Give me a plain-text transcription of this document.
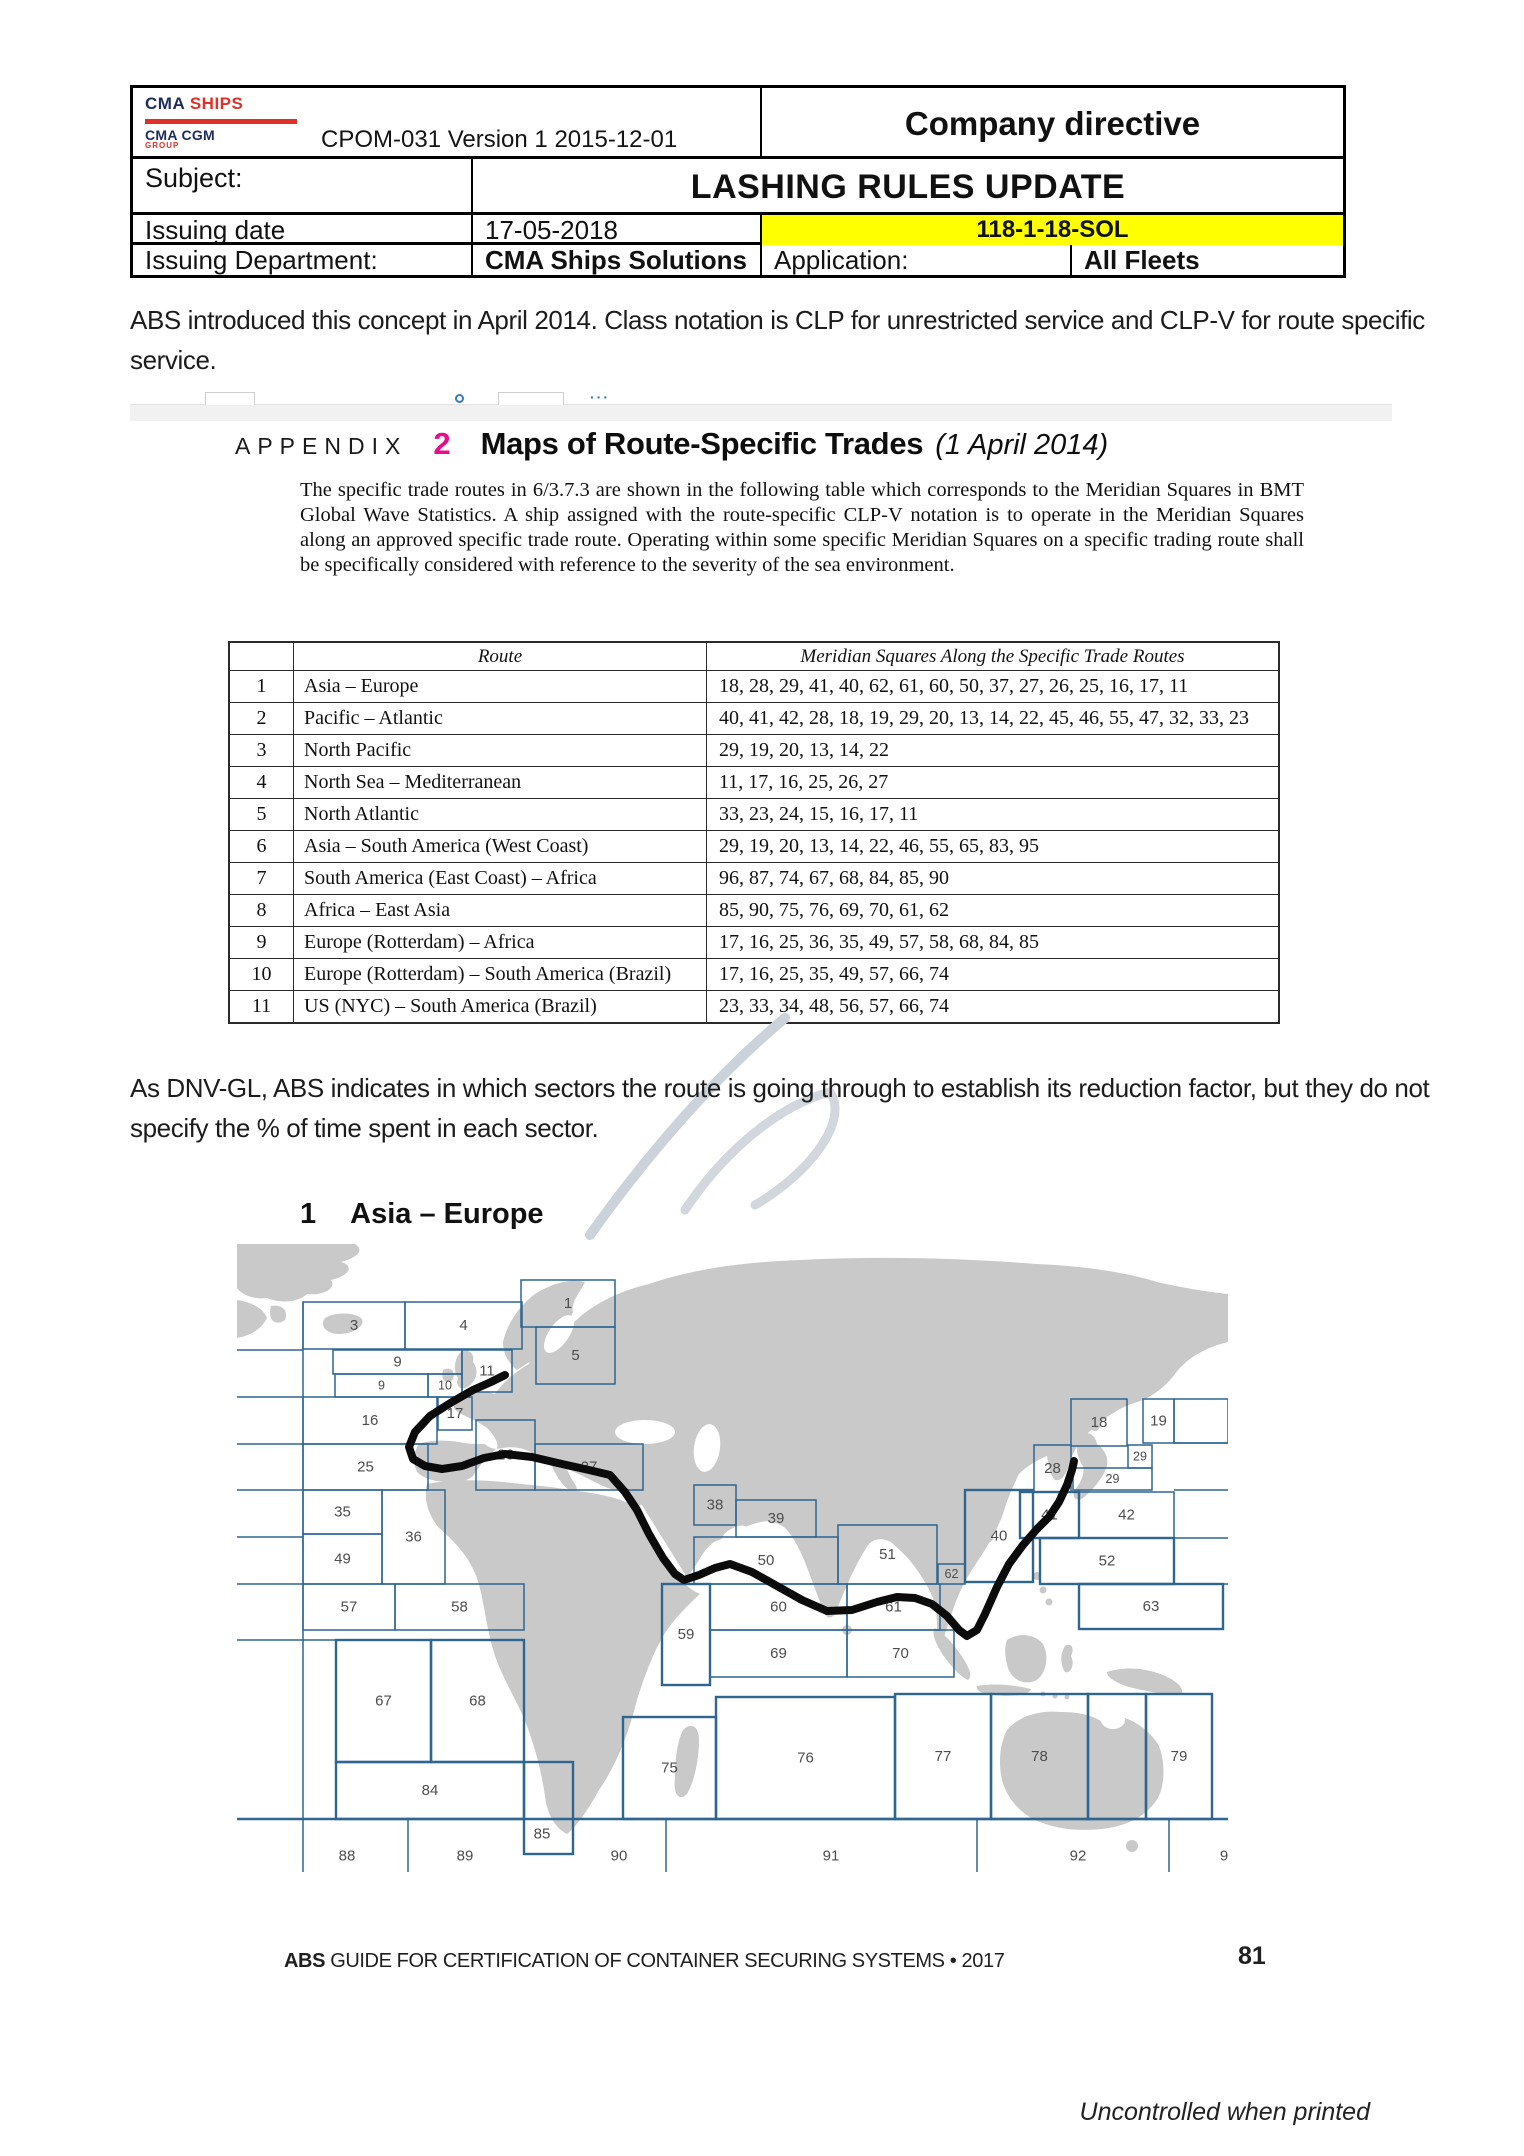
CMA SHIPS
CMA CGM
GROUP	CPOM-031 Version 1 2015-12-01	Company directive
Subject:	LASHING RULES UPDATE
Issuing date	17-05-2018	118-1-18-SOL
Issuing Department:	CMA Ships Solutions	Application:	All Fleets
ABS introduced this concept in April 2014. Class notation is CLP for unrestricted service and CLP-V for route specific service.
···
APPENDIX 2 Maps of Route-Specific Trades (1 April 2014)
The specific trade routes in 6/3.7.3 are shown in the following table which corresponds to the Meridian Squares in BMT Global Wave Statistics. A ship assigned with the route-specific CLP-V notation is to operate in the Meridian Squares along an approved specific trade route. Operating within some specific Meridian Squares on a specific trading route shall be specifically considered with reference to the severity of the sea environment.
Route	Meridian Squares Along the Specific Trade Routes
1	Asia – Europe	18, 28, 29, 41, 40, 62, 61, 60, 50, 37, 27, 26, 25, 16, 17, 11
2	Pacific – Atlantic	40, 41, 42, 28, 18, 19, 29, 20, 13, 14, 22, 45, 46, 55, 47, 32, 33, 23
3	North Pacific	29, 19, 20, 13, 14, 22
4	North Sea – Mediterranean	11, 17, 16, 25, 26, 27
5	North Atlantic	33, 23, 24, 15, 16, 17, 11
6	Asia – South America (West Coast)	29, 19, 20, 13, 14, 22, 46, 55, 65, 83, 95
7	South America (East Coast) – Africa	96, 87, 74, 67, 68, 84, 85, 90
8	Africa – East Asia	85, 90, 75, 76, 69, 70, 61, 62
9	Europe (Rotterdam) – Africa	17, 16, 25, 36, 35, 49, 57, 58, 68, 84, 85
10	Europe (Rotterdam) – South America (Brazil)	17, 16, 25, 35, 49, 57, 66, 74
11	US (NYC) – South America (Brazil)	23, 33, 34, 48, 56, 57, 66, 74
As DNV-GL, ABS indicates in which sectors the route is going through to establish its reduction factor, but they do not specify the % of time spent in each sector.
1 Asia – Europe
1
3	4
5
9
9	10
11
16	17
25
26
27
35
36
49
38
39
50	51
62
40
41	42
28
18	19
29
29
52
63
59
60	61
69	70
57	58
67	68
84
75
76	77	78	79
85
88	89	90	91	92	9
ABS GUIDE FOR CERTIFICATION OF CONTAINER SECURING SYSTEMS • 2017	81
Uncontrolled when printed
